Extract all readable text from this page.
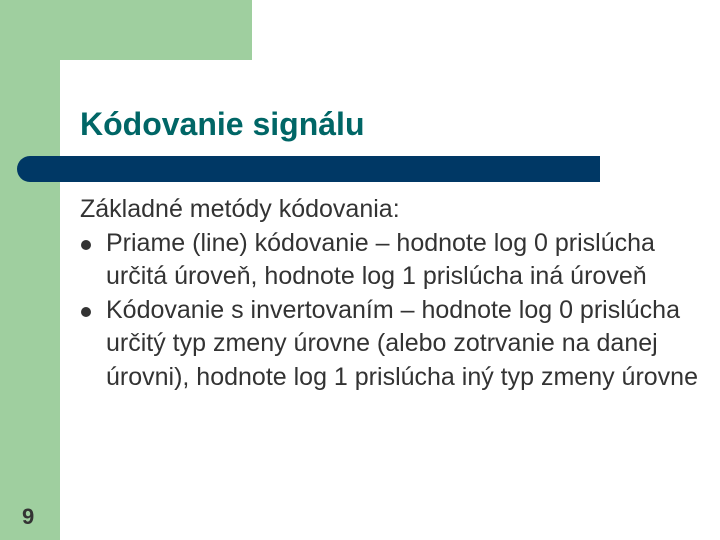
Kódovanie signálu

Základné metódy kódovania:

Priame (line) kódovanie – hodnote log 0 prislúcha určitá úroveň, hodnote log 1 prislúcha iná úroveň
Kódovanie s invertovaním – hodnote log 0 prislúcha určitý typ zmeny úrovne (alebo zotrvanie na danej úrovni), hodnote log 1 prislúcha iný typ zmeny úrovne
9
